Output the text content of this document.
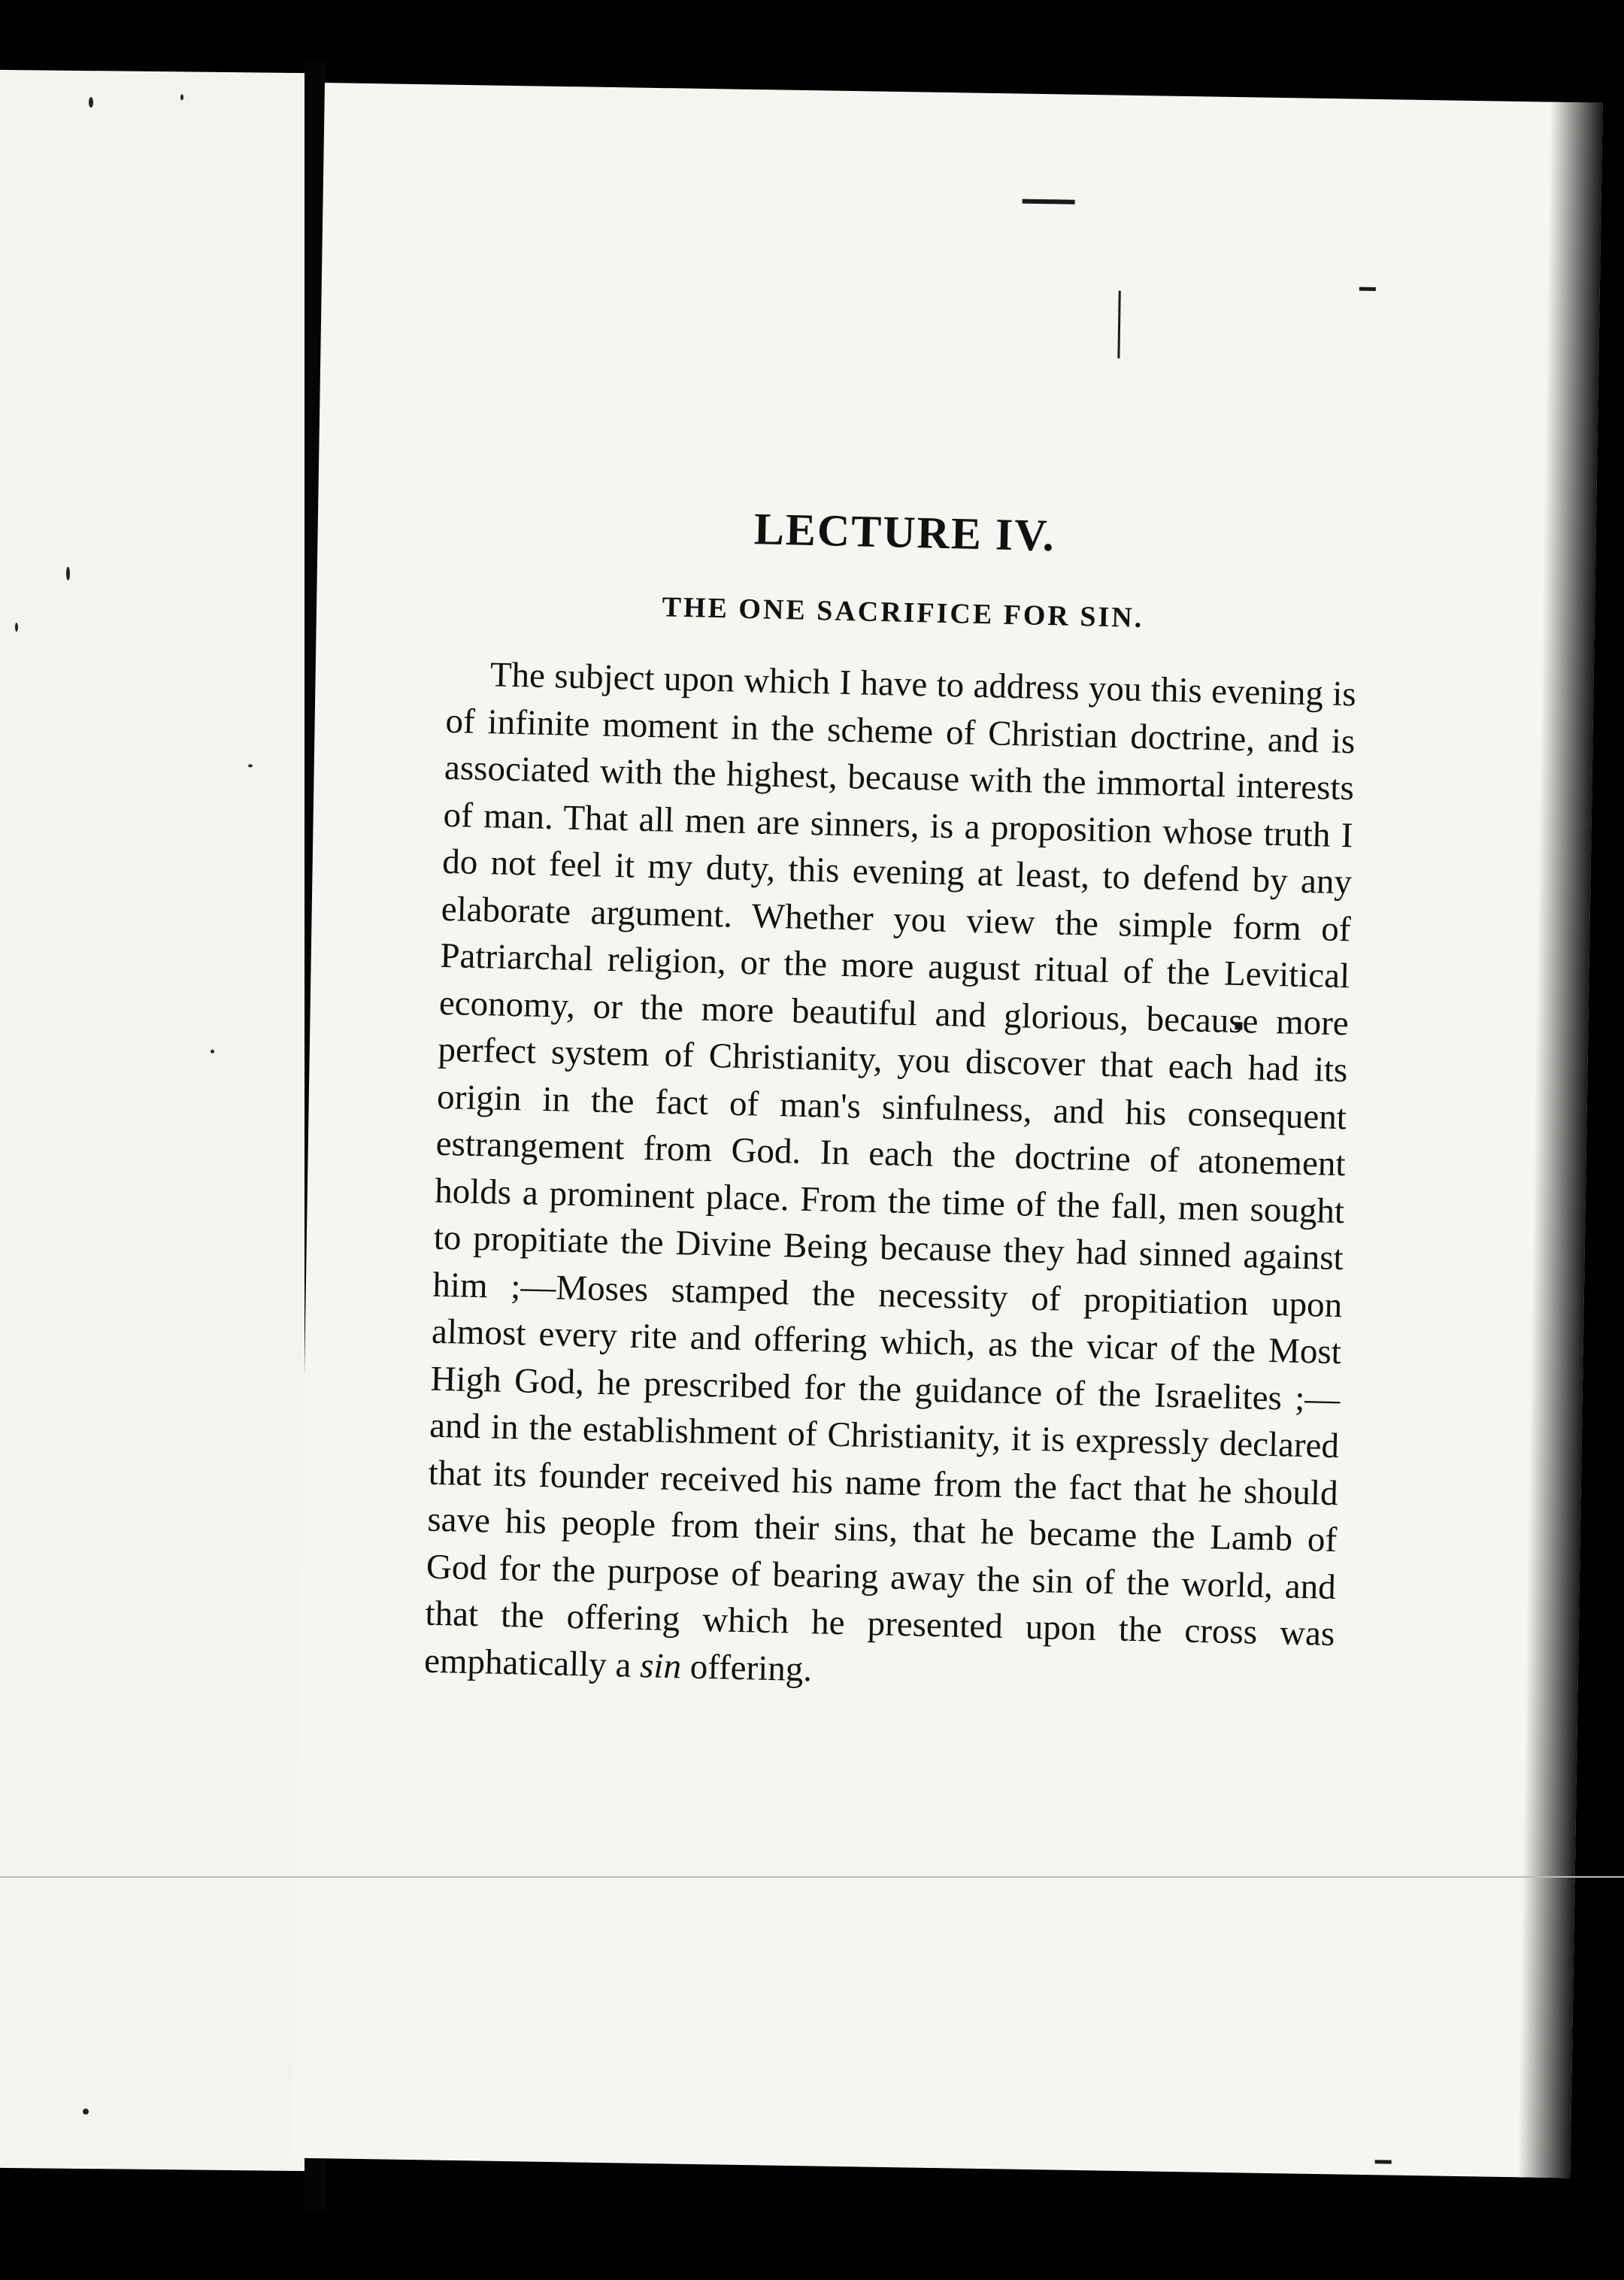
LECTURE IV.
THE ONE SACRIFICE FOR SIN.

The subject upon which I have to address you this evening is of infinite moment in the scheme of Christian doctrine, and is associated with the highest, because with the immortal interests of man. That all men are sinners, is a proposition whose truth I do not feel it my duty, this evening at least, to defend by any elaborate argument. Whether you view the simple form of Patriarchal religion, or the more august ritual of the Levitical economy, or the more beautiful and glorious, because more perfect system of Christianity, you discover that each had its origin in the fact of man's sinfulness, and his consequent estrangement from God. In each the doctrine of atonement holds a prominent place. From the time of the fall, men sought to propitiate the Divine Being because they had sinned against him ;—Moses stamped the necessity of propitiation upon almost every rite and offering which, as the vicar of the Most High God, he prescribed for the guidance of the Israelites ;—and in the establishment of Christianity, it is expressly declared that its founder received his name from the fact that he should save his people from their sins, that he became the Lamb of God for the purpose of bearing away the sin of the world, and that the offering which he presented upon the cross was emphatically a sin offering.
